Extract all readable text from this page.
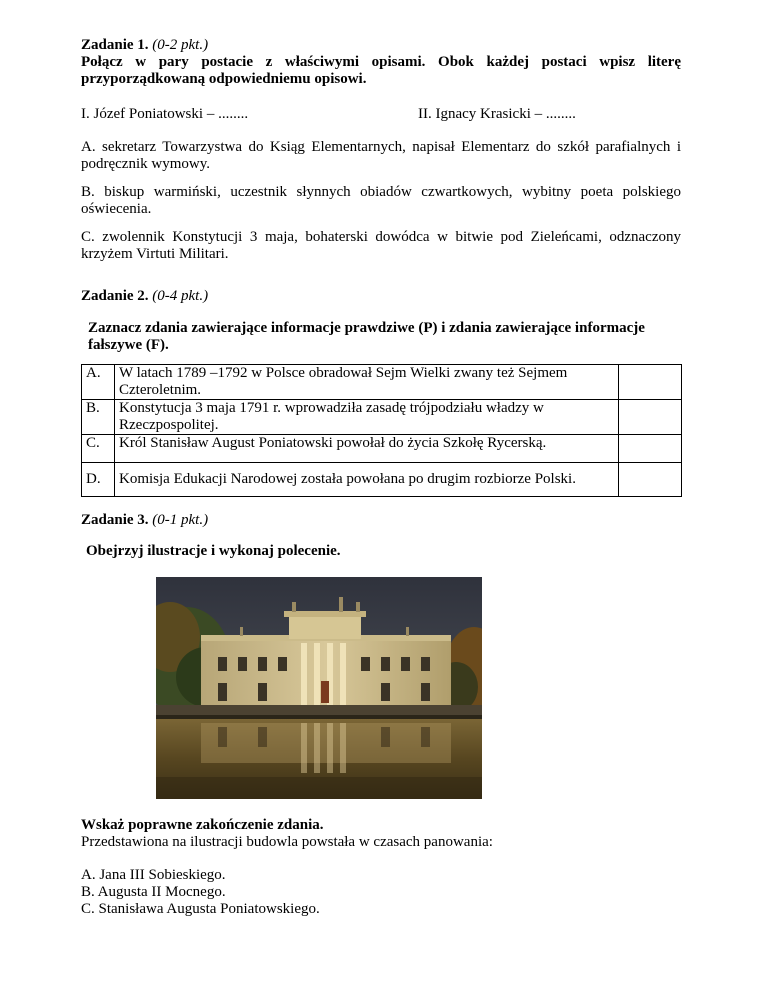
Zadanie 1. (0-2 pkt.)

Połącz w pary postacie z właściwymi opisami. Obok każdej postaci wpisz literę przyporządkowaną odpowiedniemu opisowi.

I. Józef Poniatowski – ........	II. Ignacy Krasicki – ........

A. sekretarz Towarzystwa do Ksiąg Elementarnych, napisał Elementarz do szkół parafialnych i podręcznik wymowy.

B. biskup warmiński, uczestnik słynnych obiadów czwartkowych, wybitny poeta polskiego oświecenia.

C. zwolennik Konstytucji 3 maja, bohaterski dowódca w bitwie pod Zieleńcami, odznaczony krzyżem Virtuti Militari.

Zadanie 2. (0-4 pkt.)

Zaznacz zdania zawierające informacje prawdziwe (P) i zdania zawierające informacje fałszywe (F).

A.	W latach 1789 –1792 w Polsce obradował Sejm Wielki zwany też Sejmem Czteroletnim.	
B.	Konstytucja 3 maja 1791 r. wprowadziła zasadę trójpodziału władzy w Rzeczpospolitej.	
C.	Król Stanisław August Poniatowski powołał do życia Szkołę Rycerską.	
D.	Komisja Edukacji Narodowej została powołana po drugim rozbiorze Polski.	

Zadanie 3. (0-1 pkt.)

Obejrzyj ilustracje i wykonaj polecenie.

Wskaż poprawne zakończenie zdania.

Przedstawiona na ilustracji budowla powstała w czasach panowania:

A. Jana III Sobieskiego.

B. Augusta II Mocnego.

C. Stanisława Augusta Poniatowskiego.
